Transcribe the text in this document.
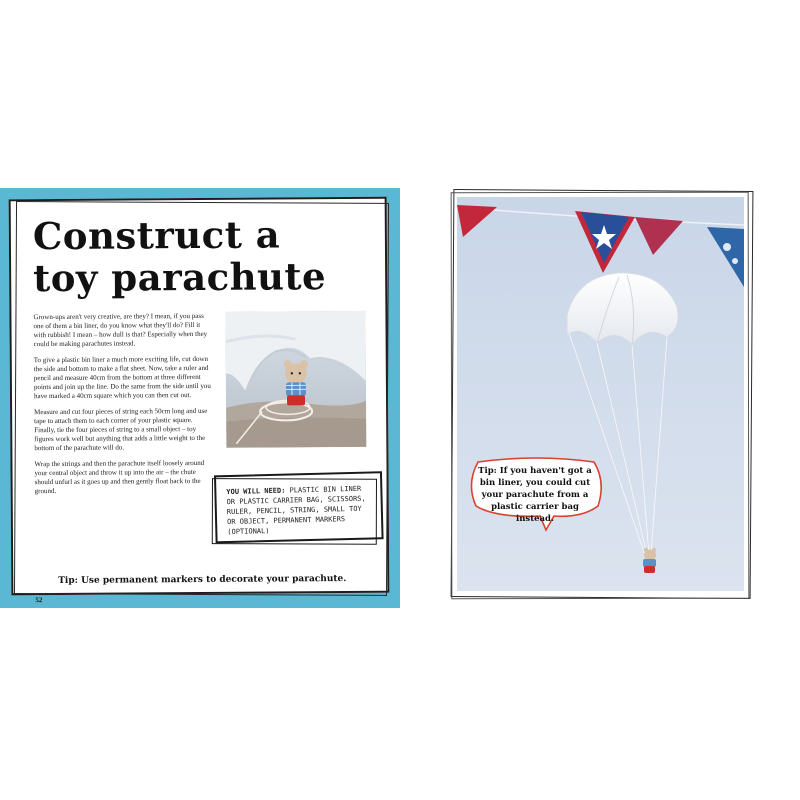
Construct a
toy parachute

Grown-ups aren't very creative, are they? I mean, if you pass one of them a bin liner, do you know what they'll do? Fill it with rubbish! I mean – how dull is that? Especially when they could be making parachutes instead.

To give a plastic bin liner a much more exciting life, cut down the side and bottom to make a flat sheet. Now, take a ruler and pencil and measure 40cm from the bottom at three different points and join up the line. Do the same from the side until you have marked a 40cm square which you can then cut out.

Measure and cut four pieces of string each 50cm long and use tape to attach them to each corner of your plastic square. Finally, tie the four pieces of string to a small object – toy figures work well but anything that adds a little weight to the bottom of the parachute will do.

Wrap the strings and then the parachute itself loosely around your central object and throw it up into the air – the chute should unfurl as it goes up and then gently float back to the ground.	YOU WILL NEED: PLASTIC BIN LINER OR PLASTIC CARRIER BAG, SCISSORS, RULER, PENCIL, STRING, SMALL TOY OR OBJECT, PERMANENT MARKERS (OPTIONAL)
Tip: Use permanent markers to decorate your parachute.
52
Tip: If you haven't got a bin liner, you could cut your parachute from a plastic carrier bag instead.
